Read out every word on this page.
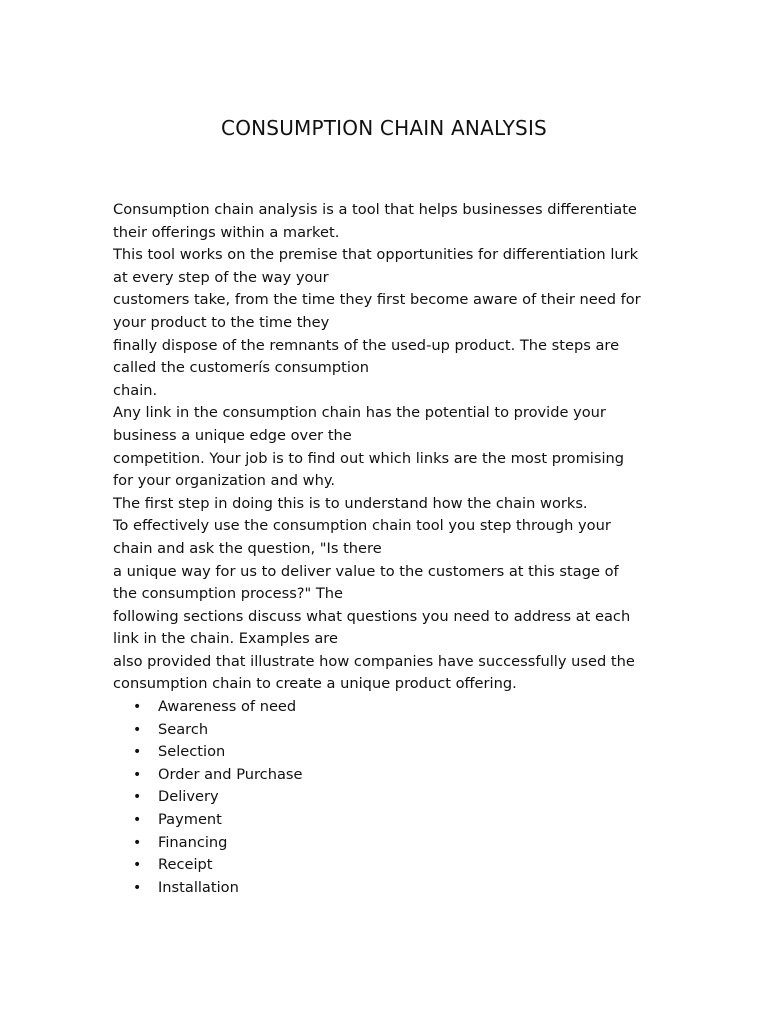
CONSUMPTION CHAIN ANALYSIS
Consumption chain analysis is a tool that helps businesses differentiate
their offerings within a market.
This tool works on the premise that opportunities for differentiation lurk
at every step of the way your
customers take, from the time they first become aware of their need for
your product to the time they
finally dispose of the remnants of the used-up product. The steps are
called the customerís consumption
chain.
Any link in the consumption chain has the potential to provide your
business a unique edge over the
competition. Your job is to find out which links are the most promising
for your organization and why.
The first step in doing this is to understand how the chain works.
To effectively use the consumption chain tool you step through your
chain and ask the question, "Is there
a unique way for us to deliver value to the customers at this stage of
the consumption process?" The
following sections discuss what questions you need to address at each
link in the chain. Examples are
also provided that illustrate how companies have successfully used the
consumption chain to create a unique product offering.
• Awareness of need
• Search
• Selection
• Order and Purchase
• Delivery
• Payment
• Financing
• Receipt
• Installation
